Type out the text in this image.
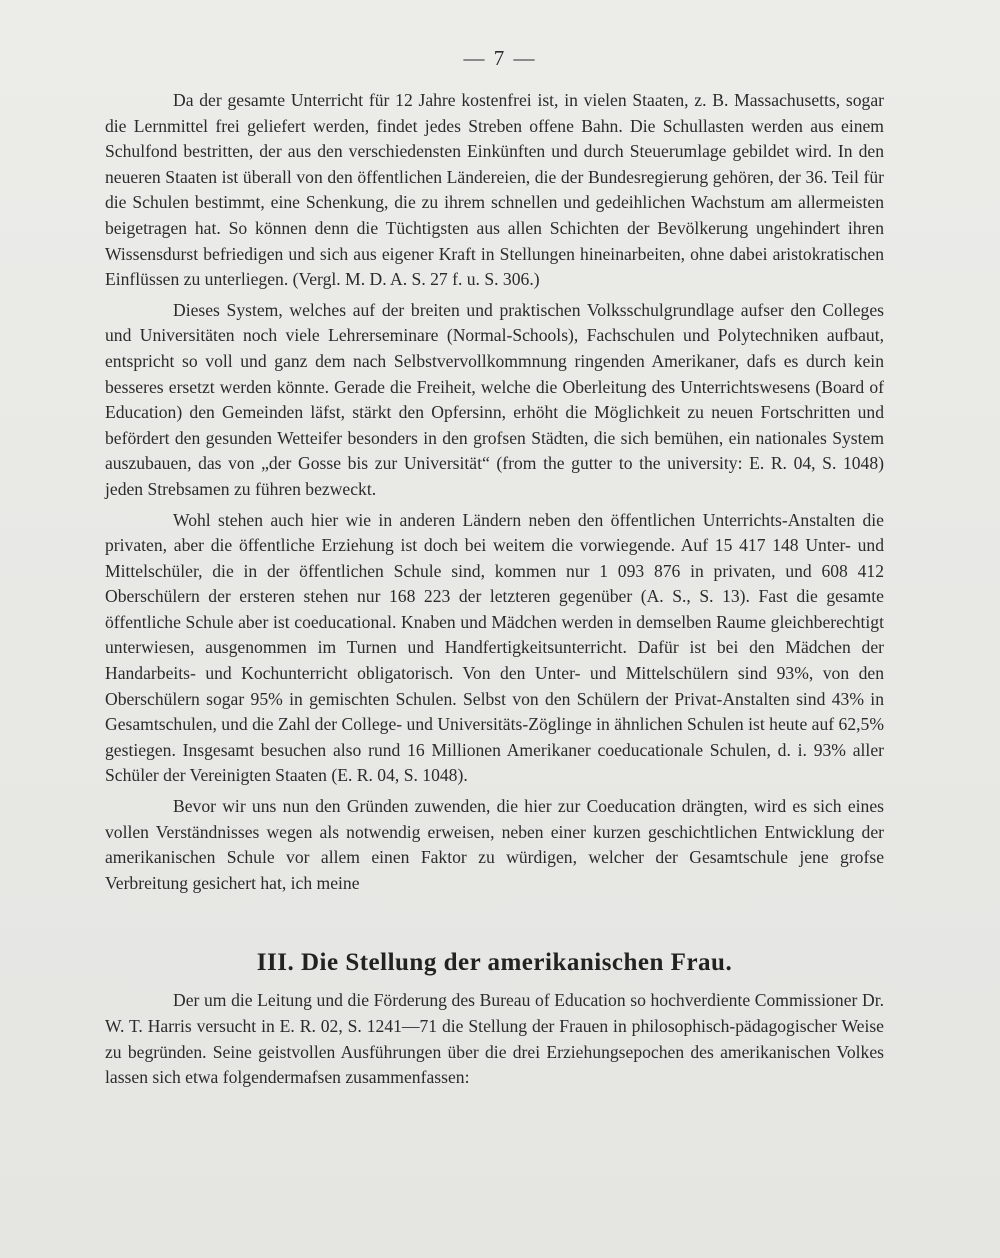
— 7 —

Da der gesamte Unterricht für 12 Jahre kostenfrei ist, in vielen Staaten, z. B. Massachusetts, sogar die Lernmittel frei geliefert werden, findet jedes Streben offene Bahn. Die Schullasten werden aus einem Schulfond bestritten, der aus den verschiedensten Einkünften und durch Steuerumlage gebildet wird. In den neueren Staaten ist überall von den öffentlichen Ländereien, die der Bundesregierung gehören, der 36. Teil für die Schulen bestimmt, eine Schenkung, die zu ihrem schnellen und gedeihlichen Wachstum am allermeisten beigetragen hat. So können denn die Tüchtigsten aus allen Schichten der Bevölkerung ungehindert ihren Wissensdurst befriedigen und sich aus eigener Kraft in Stellungen hineinarbeiten, ohne dabei aristokratischen Einflüssen zu unterliegen. (Vergl. M. D. A. S. 27 f. u. S. 306.)

Dieses System, welches auf der breiten und praktischen Volksschulgrundlage aufser den Colleges und Universitäten noch viele Lehrerseminare (Normal-Schools), Fachschulen und Polytechniken aufbaut, entspricht so voll und ganz dem nach Selbstvervollkommnung ringenden Amerikaner, dafs es durch kein besseres ersetzt werden könnte. Gerade die Freiheit, welche die Oberleitung des Unterrichtswesens (Board of Education) den Gemeinden läfst, stärkt den Opfersinn, erhöht die Möglichkeit zu neuen Fortschritten und befördert den gesunden Wetteifer besonders in den grofsen Städten, die sich bemühen, ein nationales System auszubauen, das von „der Gosse bis zur Universität“ (from the gutter to the university: E. R. 04, S. 1048) jeden Strebsamen zu führen bezweckt.

Wohl stehen auch hier wie in anderen Ländern neben den öffentlichen Unterrichts-Anstalten die privaten, aber die öffentliche Erziehung ist doch bei weitem die vorwiegende. Auf 15 417 148 Unter- und Mittelschüler, die in der öffentlichen Schule sind, kommen nur 1 093 876 in privaten, und 608 412 Oberschülern der ersteren stehen nur 168 223 der letzteren gegenüber (A. S., S. 13). Fast die gesamte öffentliche Schule aber ist coeducational. Knaben und Mädchen werden in demselben Raume gleichberechtigt unterwiesen, ausgenommen im Turnen und Handfertigkeitsunterricht. Dafür ist bei den Mädchen der Handarbeits- und Kochunterricht obligatorisch. Von den Unter- und Mittelschülern sind 93%, von den Oberschülern sogar 95% in gemischten Schulen. Selbst von den Schülern der Privat-Anstalten sind 43% in Gesamtschulen, und die Zahl der College- und Universitäts-Zöglinge in ähnlichen Schulen ist heute auf 62,5% gestiegen. Insgesamt besuchen also rund 16 Millionen Amerikaner coeducationale Schulen, d. i. 93% aller Schüler der Vereinigten Staaten (E. R. 04, S. 1048).

Bevor wir uns nun den Gründen zuwenden, die hier zur Coeducation drängten, wird es sich eines vollen Verständnisses wegen als notwendig erweisen, neben einer kurzen geschichtlichen Entwicklung der amerikanischen Schule vor allem einen Faktor zu würdigen, welcher der Gesamtschule jene grofse Verbreitung gesichert hat, ich meine

III. Die Stellung der amerikanischen Frau.

Der um die Leitung und die Förderung des Bureau of Education so hochverdiente Commissioner Dr. W. T. Harris versucht in E. R. 02, S. 1241—71 die Stellung der Frauen in philosophisch-pädagogischer Weise zu begründen. Seine geistvollen Ausführungen über die drei Erziehungsepochen des amerikanischen Volkes lassen sich etwa folgendermafsen zusammenfassen:
